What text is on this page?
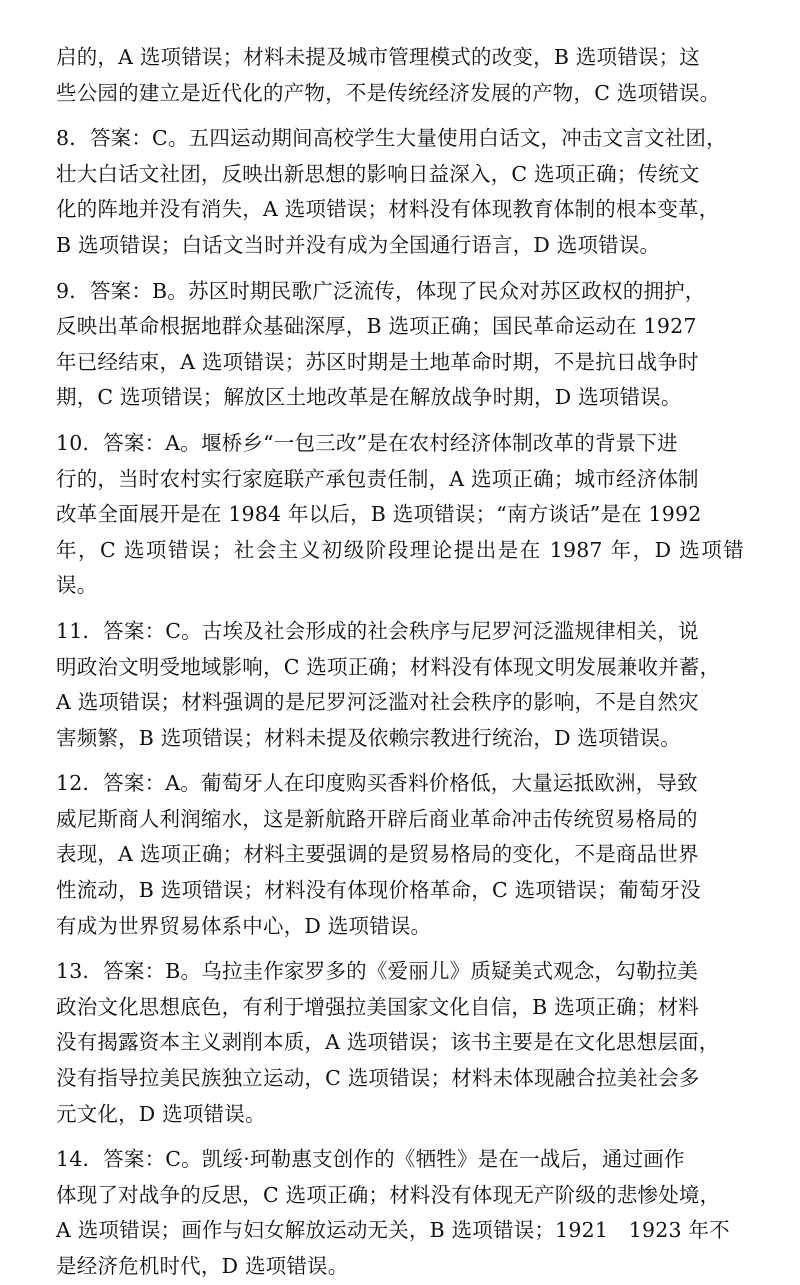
启的，A 选项错误；材料未提及城市管理模式的改变，B 选项错误；这
些公园的建立是近代化的产物，不是传统经济发展的产物，C 选项错误。

8．答案：C。五四运动期间高校学生大量使用白话文，冲击文言文社团，
壮大白话文社团，反映出新思想的影响日益深入，C 选项正确；传统文
化的阵地并没有消失，A 选项错误；材料没有体现教育体制的根本变革，
B 选项错误；白话文当时并没有成为全国通行语言，D 选项错误。

9．答案：B。苏区时期民歌广泛流传，体现了民众对苏区政权的拥护，
反映出革命根据地群众基础深厚，B 选项正确；国民革命运动在 1927
年已经结束，A 选项错误；苏区时期是土地革命时期，不是抗日战争时
期，C 选项错误；解放区土地改革是在解放战争时期，D 选项错误。

10．答案：A。堰桥乡“一包三改”是在农村经济体制改革的背景下进
行的，当时农村实行家庭联产承包责任制，A 选项正确；城市经济体制
改革全面展开是在 1984 年以后，B 选项错误；“南方谈话”是在 1992
年，C 选项错误；社会主义初级阶段理论提出是在 1987 年，D 选项错误。

11．答案：C。古埃及社会形成的社会秩序与尼罗河泛滥规律相关，说
明政治文明受地域影响，C 选项正确；材料没有体现文明发展兼收并蓄，
A 选项错误；材料强调的是尼罗河泛滥对社会秩序的影响，不是自然灾
害频繁，B 选项错误；材料未提及依赖宗教进行统治，D 选项错误。

12．答案：A。葡萄牙人在印度购买香料价格低，大量运抵欧洲，导致
威尼斯商人利润缩水，这是新航路开辟后商业革命冲击传统贸易格局的
表现，A 选项正确；材料主要强调的是贸易格局的变化，不是商品世界
性流动，B 选项错误；材料没有体现价格革命，C 选项错误；葡萄牙没
有成为世界贸易体系中心，D 选项错误。

13．答案：B。乌拉圭作家罗多的《爱丽儿》质疑美式观念，勾勒拉美
政治文化思想底色，有利于增强拉美国家文化自信，B 选项正确；材料
没有揭露资本主义剥削本质，A 选项错误；该书主要是在文化思想层面，
没有指导拉美民族独立运动，C 选项错误；材料未体现融合拉美社会多
元文化，D 选项错误。

14．答案：C。凯绥·珂勒惠支创作的《牺牲》是在一战后，通过画作
体现了对战争的反思，C 选项正确；材料没有体现无产阶级的悲惨处境，
A 选项错误；画作与妇女解放运动无关，B 选项错误；1921　1923 年不
是经济危机时代，D 选项错误。
